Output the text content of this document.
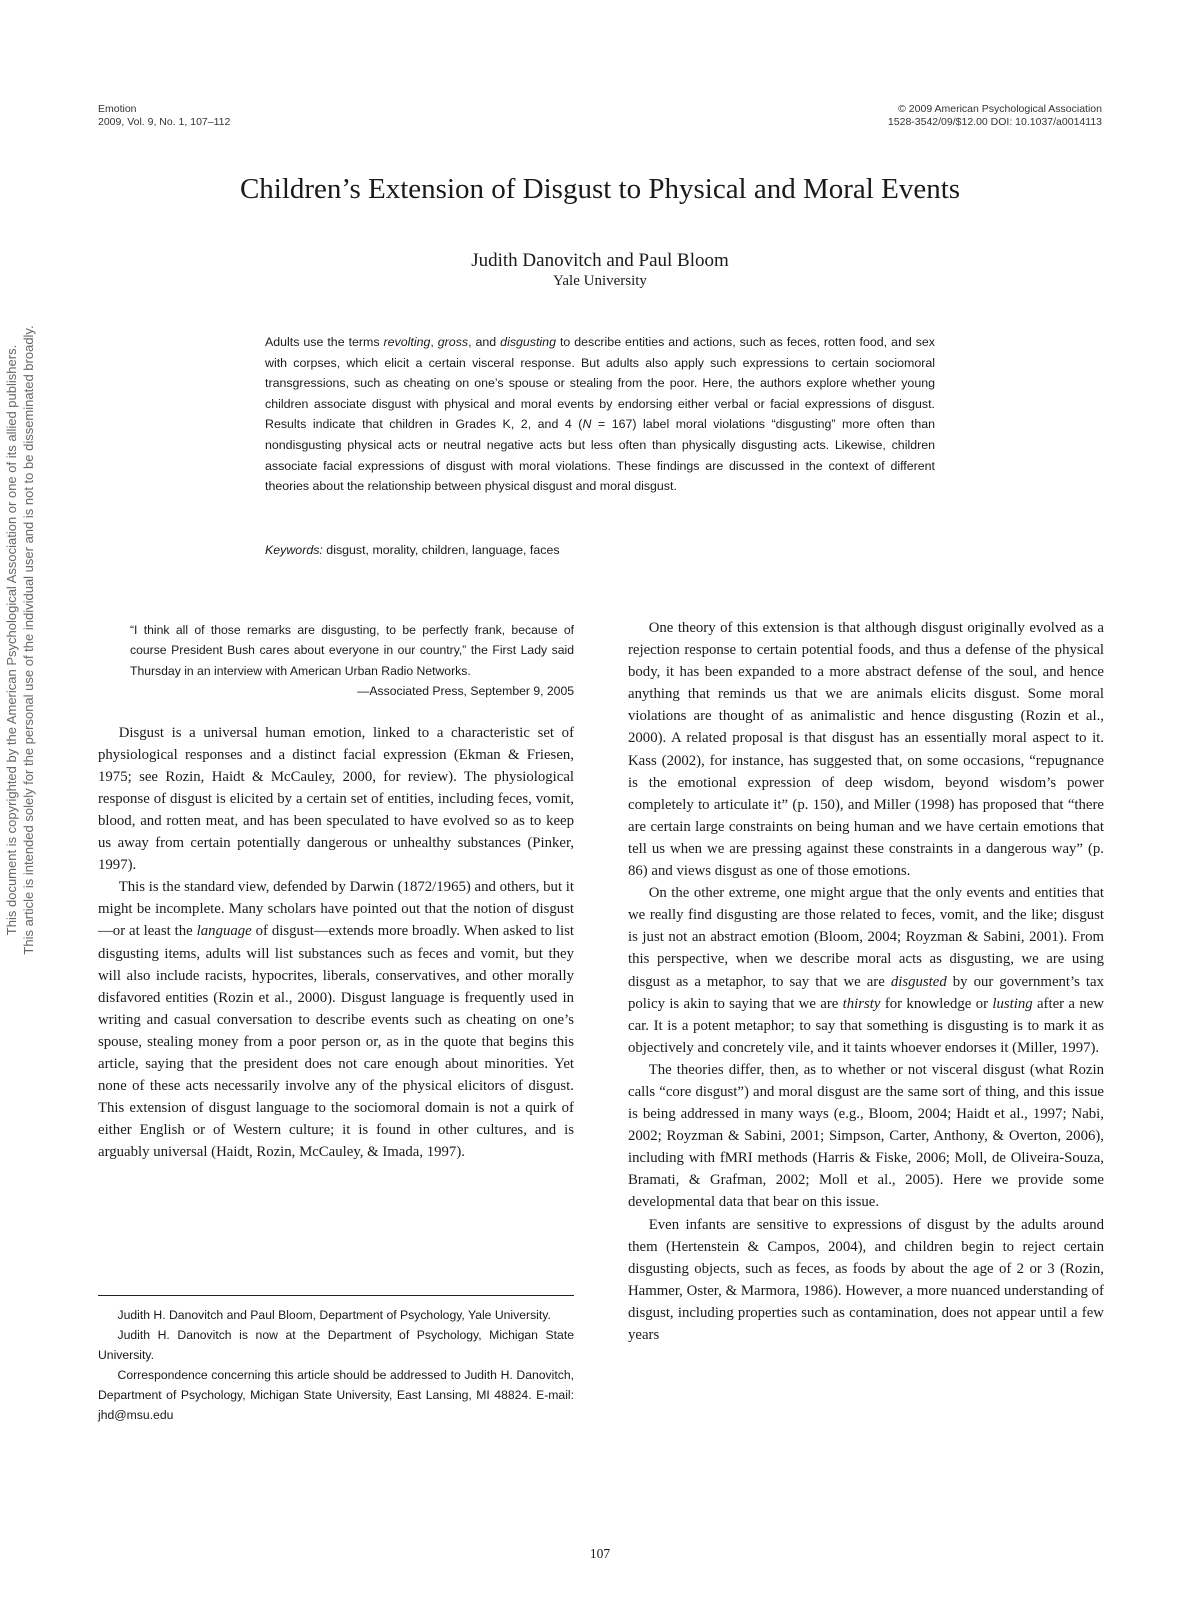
Emotion
2009, Vol. 9, No. 1, 107–112
© 2009 American Psychological Association
1528-3542/09/$12.00 DOI: 10.1037/a0014113
This document is copyrighted by the American Psychological Association or one of its allied publishers. This article is intended solely for the personal use of the individual user and is not to be disseminated broadly.
Children’s Extension of Disgust to Physical and Moral Events
Judith Danovitch and Paul Bloom
Yale University
Adults use the terms revolting, gross, and disgusting to describe entities and actions, such as feces, rotten food, and sex with corpses, which elicit a certain visceral response. But adults also apply such expressions to certain sociomoral transgressions, such as cheating on one’s spouse or stealing from the poor. Here, the authors explore whether young children associate disgust with physical and moral events by endorsing either verbal or facial expressions of disgust. Results indicate that children in Grades K, 2, and 4 (N = 167) label moral violations “disgusting” more often than nondisgusting physical acts or neutral negative acts but less often than physically disgusting acts. Likewise, children associate facial expressions of disgust with moral violations. These findings are discussed in the context of different theories about the relationship between physical disgust and moral disgust.
Keywords: disgust, morality, children, language, faces
“I think all of those remarks are disgusting, to be perfectly frank, because of course President Bush cares about everyone in our country,” the First Lady said Thursday in an interview with American Urban Radio Networks.
—Associated Press, September 9, 2005

Disgust is a universal human emotion, linked to a characteristic set of physiological responses and a distinct facial expression (Ekman & Friesen, 1975; see Rozin, Haidt & McCauley, 2000, for review). The physiological response of disgust is elicited by a certain set of entities, including feces, vomit, blood, and rotten meat, and has been speculated to have evolved so as to keep us away from certain potentially dangerous or unhealthy substances (Pinker, 1997).

This is the standard view, defended by Darwin (1872/1965) and others, but it might be incomplete. Many scholars have pointed out that the notion of disgust—or at least the language of disgust—extends more broadly. When asked to list disgusting items, adults will list substances such as feces and vomit, but they will also include racists, hypocrites, liberals, conservatives, and other morally disfavored entities (Rozin et al., 2000). Disgust language is frequently used in writing and casual conversation to describe events such as cheating on one’s spouse, stealing money from a poor person or, as in the quote that begins this article, saying that the president does not care enough about minorities. Yet none of these acts necessarily involve any of the physical elicitors of disgust. This extension of disgust language to the sociomoral domain is not a quirk of either English or of Western culture; it is found in other cultures, and is arguably universal (Haidt, Rozin, McCauley, & Imada, 1997).

Judith H. Danovitch and Paul Bloom, Department of Psychology, Yale University.

Judith H. Danovitch is now at the Department of Psychology, Michigan State University.

Correspondence concerning this article should be addressed to Judith H. Danovitch, Department of Psychology, Michigan State University, East Lansing, MI 48824. E-mail: jhd@msu.edu

One theory of this extension is that although disgust originally evolved as a rejection response to certain potential foods, and thus a defense of the physical body, it has been expanded to a more abstract defense of the soul, and hence anything that reminds us that we are animals elicits disgust. Some moral violations are thought of as animalistic and hence disgusting (Rozin et al., 2000). A related proposal is that disgust has an essentially moral aspect to it. Kass (2002), for instance, has suggested that, on some occasions, “repugnance is the emotional expression of deep wisdom, beyond wisdom’s power completely to articulate it” (p. 150), and Miller (1998) has proposed that “there are certain large constraints on being human and we have certain emotions that tell us when we are pressing against these constraints in a dangerous way” (p. 86) and views disgust as one of those emotions.

On the other extreme, one might argue that the only events and entities that we really find disgusting are those related to feces, vomit, and the like; disgust is just not an abstract emotion (Bloom, 2004; Royzman & Sabini, 2001). From this perspective, when we describe moral acts as disgusting, we are using disgust as a metaphor, to say that we are disgusted by our government’s tax policy is akin to saying that we are thirsty for knowledge or lusting after a new car. It is a potent metaphor; to say that something is disgusting is to mark it as objectively and concretely vile, and it taints whoever endorses it (Miller, 1997).

The theories differ, then, as to whether or not visceral disgust (what Rozin calls “core disgust”) and moral disgust are the same sort of thing, and this issue is being addressed in many ways (e.g., Bloom, 2004; Haidt et al., 1997; Nabi, 2002; Royzman & Sabini, 2001; Simpson, Carter, Anthony, & Overton, 2006), including with fMRI methods (Harris & Fiske, 2006; Moll, de Oliveira-Souza, Bramati, & Grafman, 2002; Moll et al., 2005). Here we provide some developmental data that bear on this issue.

Even infants are sensitive to expressions of disgust by the adults around them (Hertenstein & Campos, 2004), and children begin to reject certain disgusting objects, such as feces, as foods by about the age of 2 or 3 (Rozin, Hammer, Oster, & Marmora, 1986). However, a more nuanced understanding of disgust, including properties such as contamination, does not appear until a few years

107
